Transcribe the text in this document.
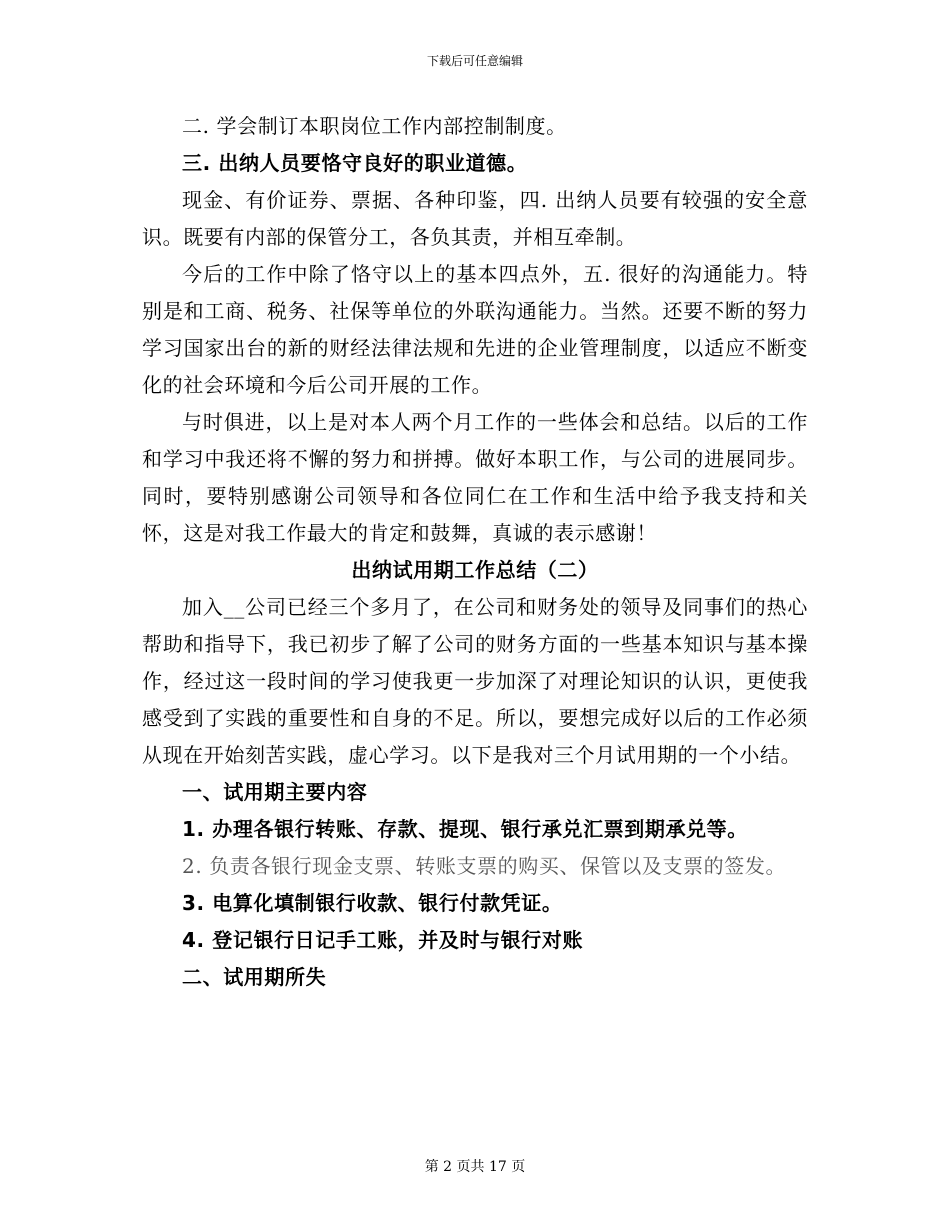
下载后可任意编辑

二. 学会制订本职岗位工作内部控制制度。

三. 出纳人员要恪守良好的职业道德。

现金、有价证券、票据、各种印鉴，四. 出纳人员要有较强的安全意识。既要有内部的保管分工，各负其责，并相互牵制。

今后的工作中除了恪守以上的基本四点外，五. 很好的沟通能力。特别是和工商、税务、社保等单位的外联沟通能力。当然。还要不断的努力学习国家出台的新的财经法律法规和先进的企业管理制度，以适应不断变化的社会环境和今后公司开展的工作。

与时俱进，以上是对本人两个月工作的一些体会和总结。以后的工作和学习中我还将不懈的努力和拼搏。做好本职工作，与公司的进展同步。同时，要特别感谢公司领导和各位同仁在工作和生活中给予我支持和关怀，这是对我工作最大的肯定和鼓舞，真诚的表示感谢！

出纳试用期工作总结（二）

加入__公司已经三个多月了，在公司和财务处的领导及同事们的热心帮助和指导下，我已初步了解了公司的财务方面的一些基本知识与基本操作，经过这一段时间的学习使我更一步加深了对理论知识的认识，更使我感受到了实践的重要性和自身的不足。所以，要想完成好以后的工作必须从现在开始刻苦实践，虚心学习。以下是我对三个月试用期的一个小结。

一、试用期主要内容

1. 办理各银行转账、存款、提现、银行承兑汇票到期承兑等。

2. 负责各银行现金支票、转账支票的购买、保管以及支票的签发。

3. 电算化填制银行收款、银行付款凭证。

4. 登记银行日记手工账，并及时与银行对账

二、试用期所失

第 2 页共 17 页
